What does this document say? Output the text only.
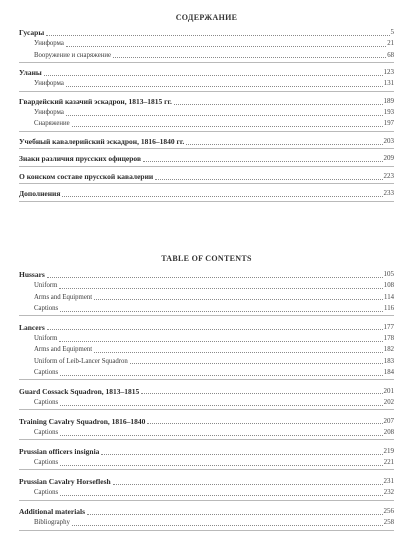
СОДЕРЖАНИЕ
Гусары	5
Униформа	21
Вооружение и снаряжение	68
Уланы	123
Униформа	131
Гвардейский казачий эскадрон, 1813–1815 гг.	189
Униформа	193
Снаряжение	197
Учебный кавалерийский эскадрон, 1816–1840 гг.	203
Знаки различия прусских офицеров	209
О конском составе прусской кавалерии	223
Дополнения	233
TABLE OF CONTENTS
Hussars	105
Uniform	108
Arms and Equipment	114
Captions	116
Lancers	177
Uniform	178
Arms and Equipment	182
Uniform of Leib-Lancer Squadron	183
Captions	184
Guard Cossack Squadron, 1813–1815	201
Captions	202
Training Cavalry Squadron, 1816–1840	207
Captions	208
Prussian officers insignia	219
Captions	221
Prussian Cavalry Horseflesh	231
Captions	232
Additional materials	256
Bibliography	258
